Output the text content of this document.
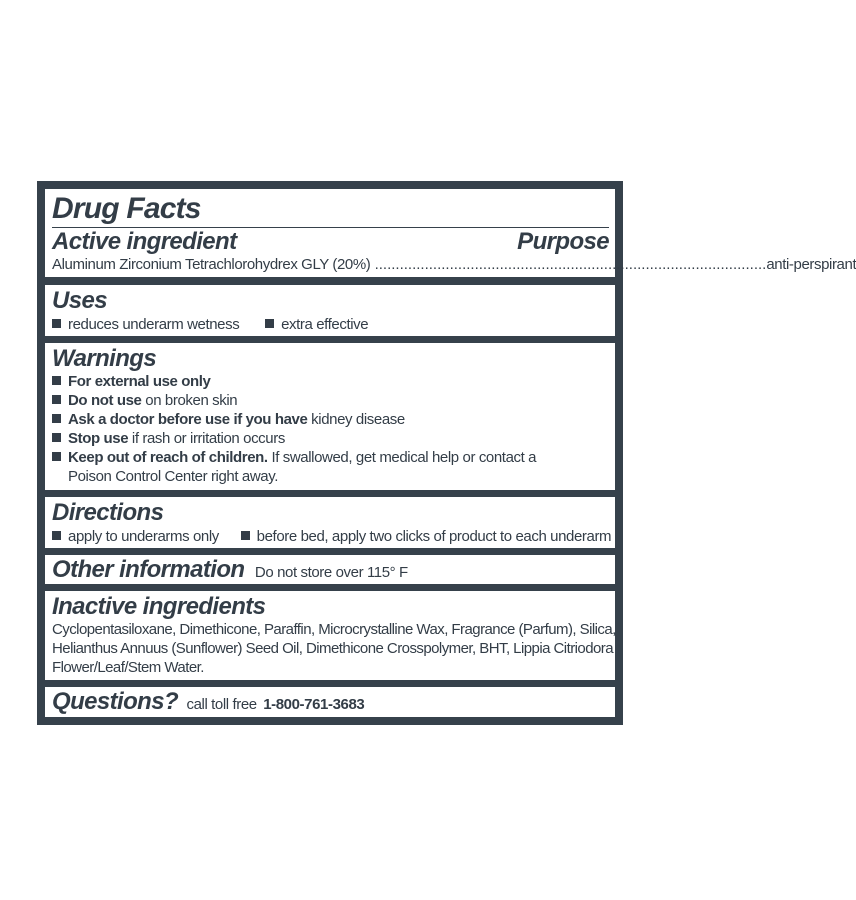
Drug Facts
Active ingredient	Purpose
Aluminum Zirconium Tetrachlorohydrex GLY (20%) .............................................................................................. anti-perspirant
Uses
reduces underarm wetness	extra effective
Warnings
For external use only
Do not use on broken skin
Ask a doctor before use if you have kidney disease
Stop use if rash or irritation occurs
Keep out of reach of children. If swallowed, get medical help or contact a
Poison Control Center right away.
Directions
apply to underarms only	before bed, apply two clicks of product to each underarm
Other information Do not store over 115° F
Inactive ingredients
Cyclopentasiloxane, Dimethicone, Paraffin, Microcrystalline Wax, Fragrance (Parfum), Silica,
Helianthus Annuus (Sunflower) Seed Oil, Dimethicone Crosspolymer, BHT, Lippia Citriodora
Flower/Leaf/Stem Water.
Questions? call toll free 1-800-761-3683
